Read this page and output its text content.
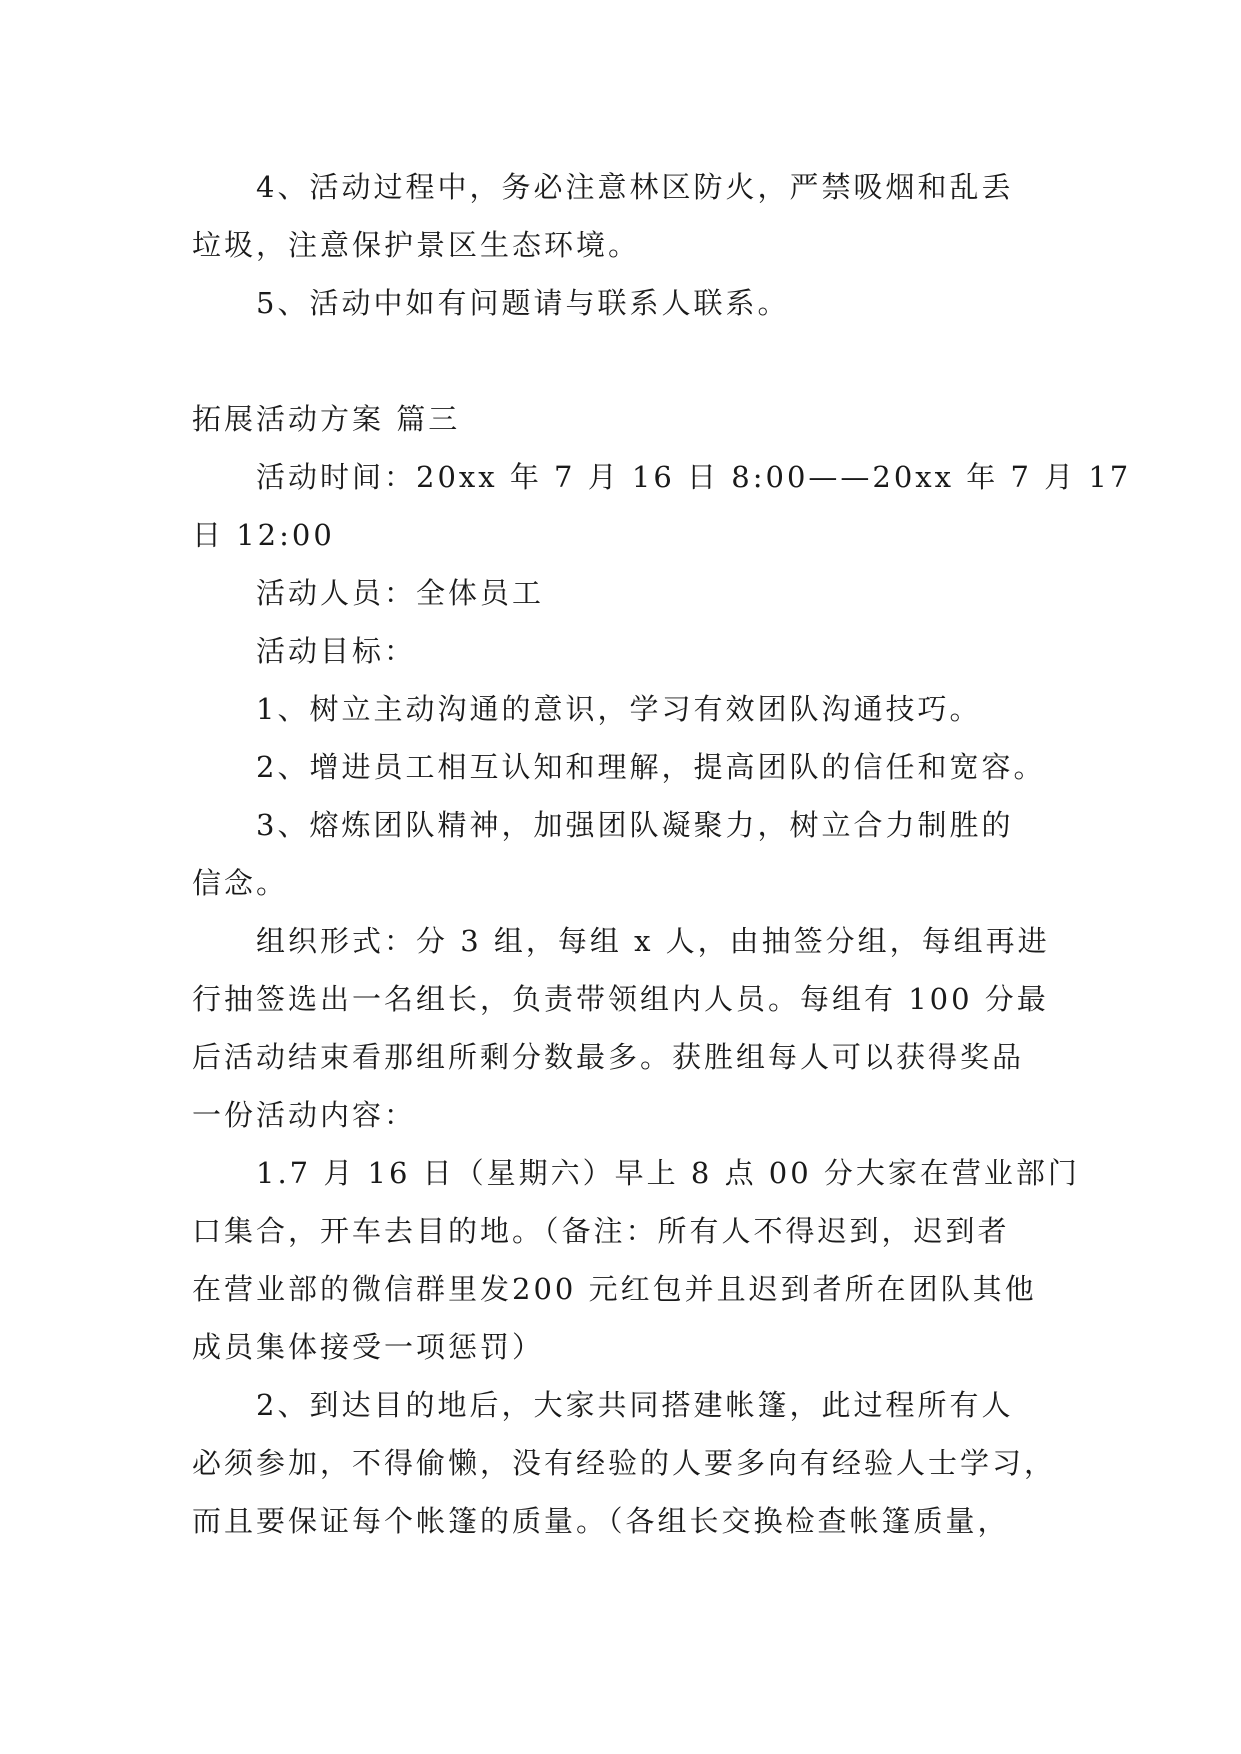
4、活动过程中，务必注意林区防火，严禁吸烟和乱丢
垃圾，注意保护景区生态环境。

5、活动中如有问题请与联系人联系。

拓展活动方案 篇三

活动时间：20xx 年 7 月 16 日 8:00——20xx 年 7 月 17
日 12:00

活动人员：全体员工

活动目标：

1、树立主动沟通的意识，学习有效团队沟通技巧。

2、增进员工相互认知和理解，提高团队的信任和宽容。

3、熔炼团队精神，加强团队凝聚力，树立合力制胜的
信念。

组织形式：分 3 组，每组 x 人，由抽签分组，每组再进
行抽签选出一名组长，负责带领组内人员。每组有 100 分最
后活动结束看那组所剩分数最多。获胜组每人可以获得奖品
一份活动内容：

1.7 月 16 日（星期六）早上 8 点 00 分大家在营业部门
口集合，开车去目的地。（备注：所有人不得迟到，迟到者
在营业部的微信群里发200 元红包并且迟到者所在团队其他
成员集体接受一项惩罚）

2、到达目的地后，大家共同搭建帐篷，此过程所有人
必须参加，不得偷懒，没有经验的人要多向有经验人士学习，
而且要保证每个帐篷的质量。（各组长交换检查帐篷质量，
